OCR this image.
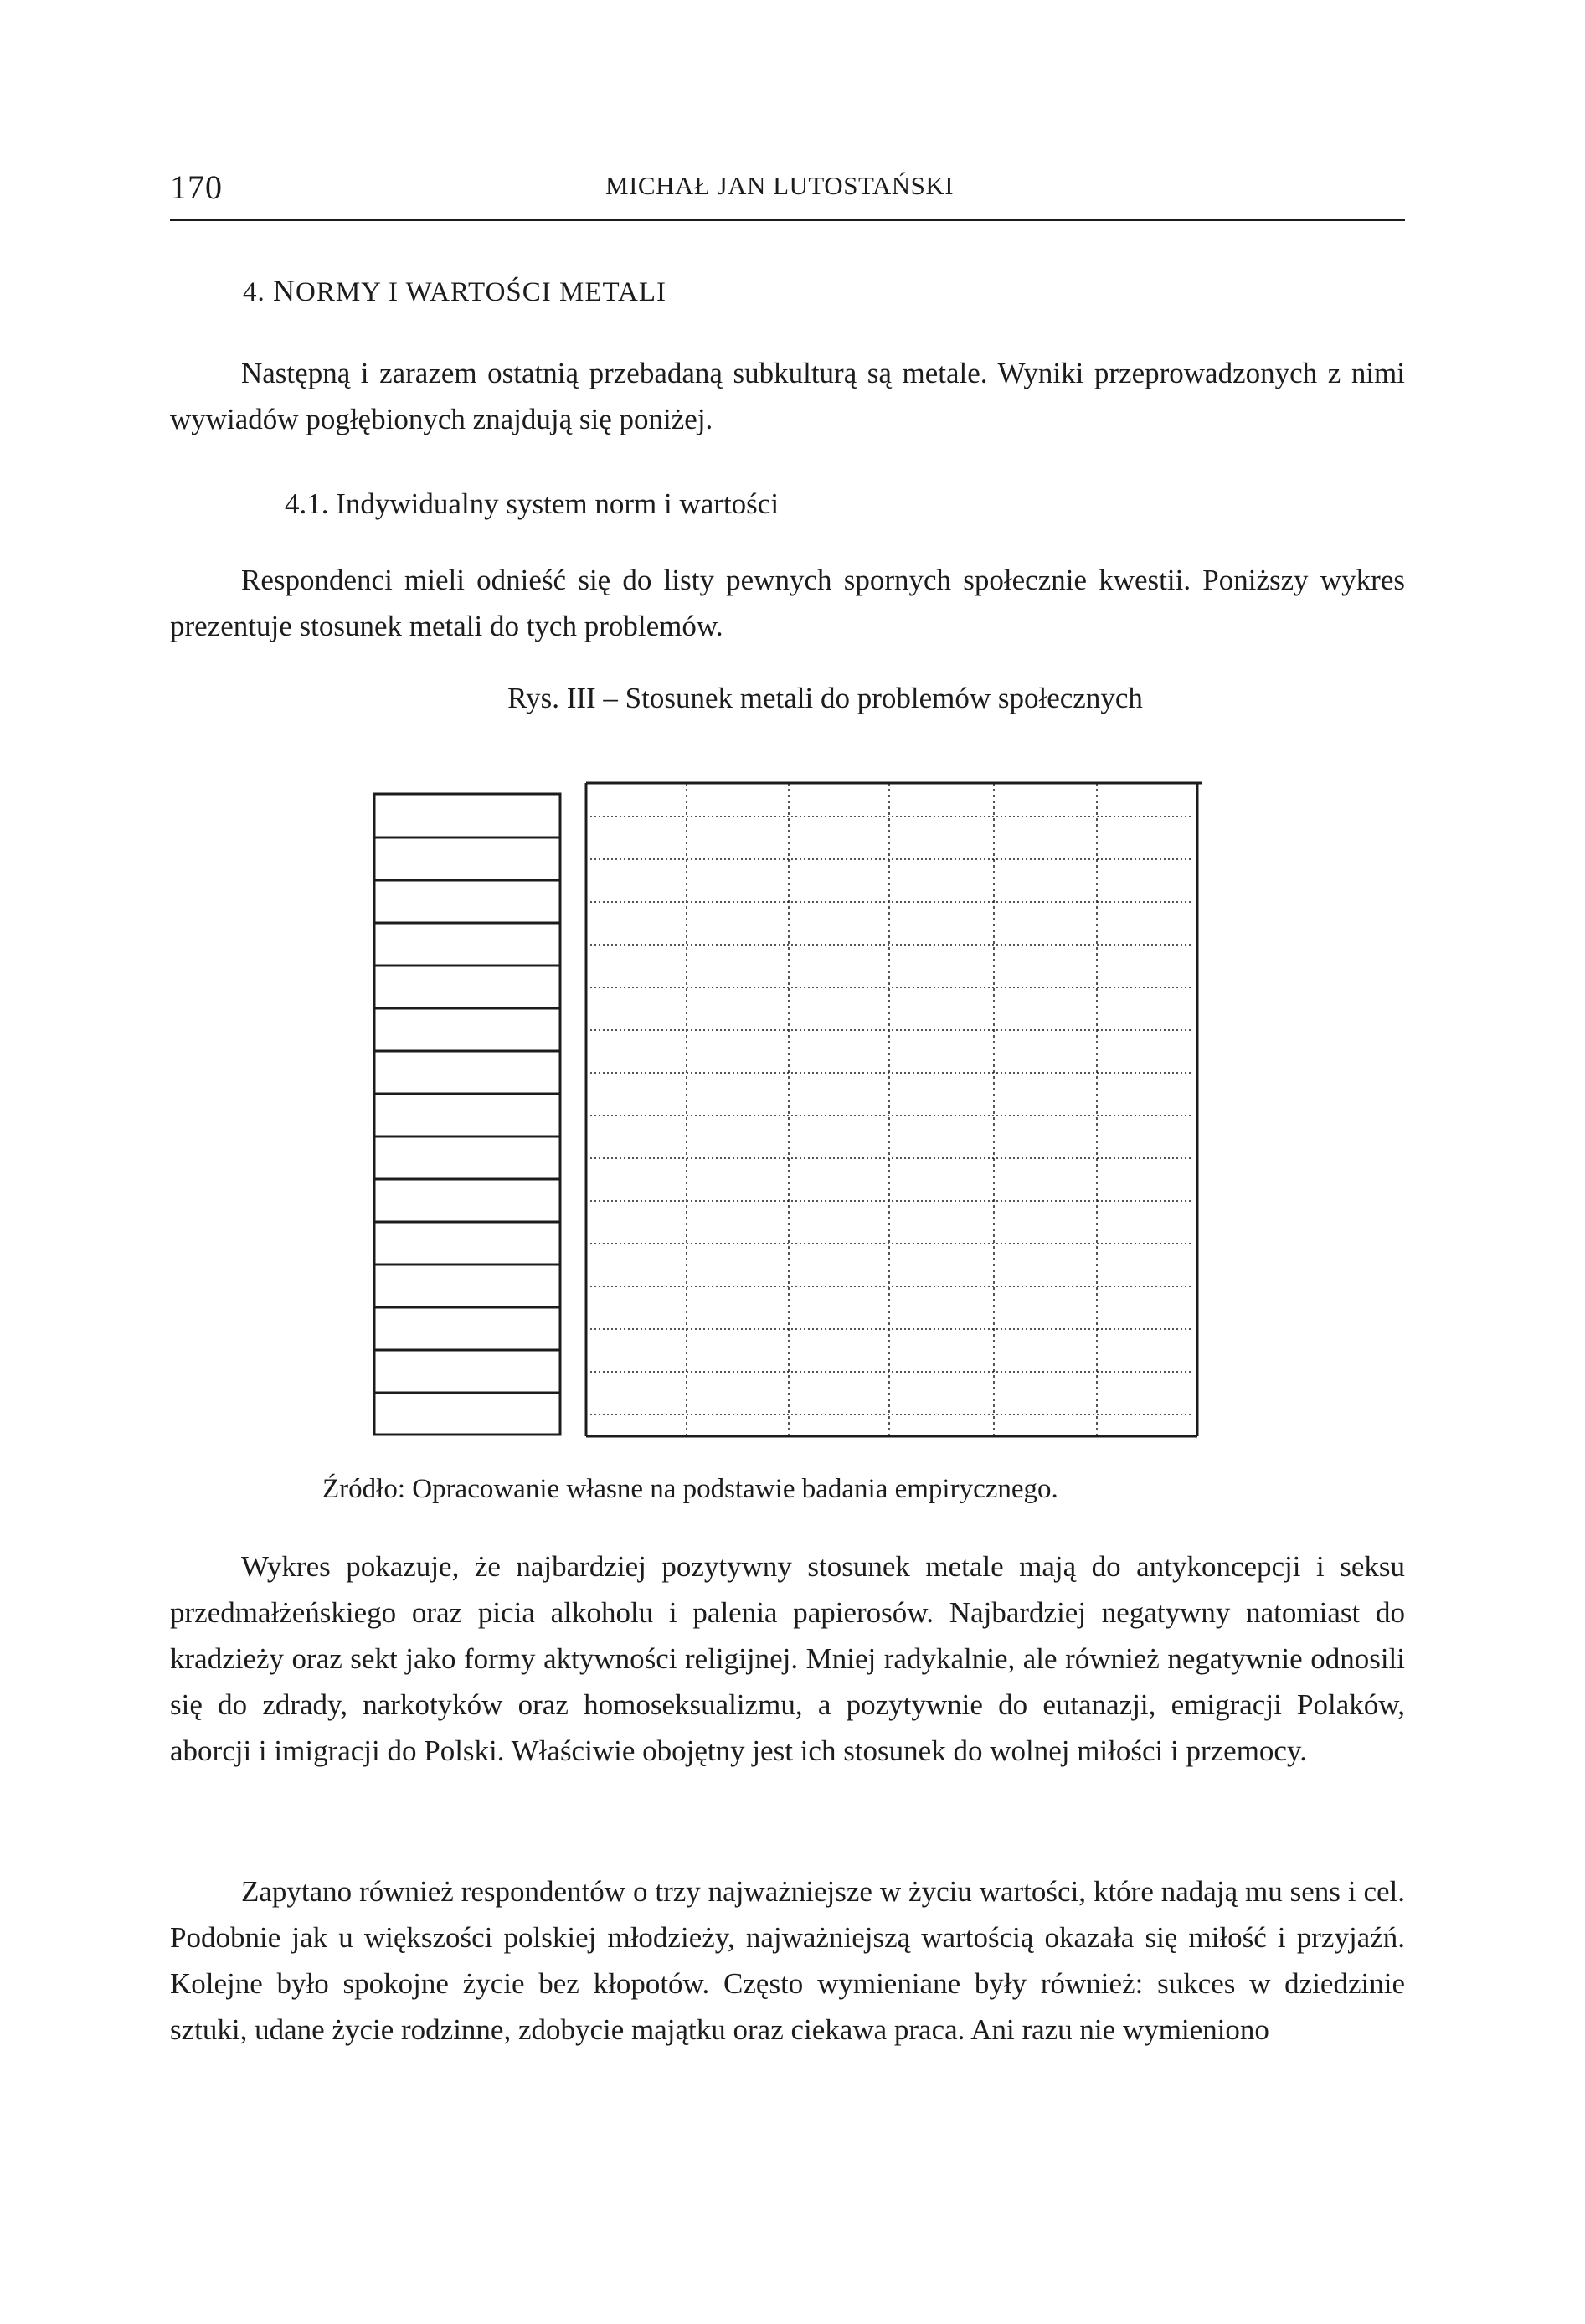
170	MICHAŁ JAN LUTOSTAŃSKI
4. NORMY I WARTOŚCI METALI

Następną i zarazem ostatnią przebadaną subkulturą są metale. Wyniki przeprowadzonych z nimi wywiadów pogłębionych znajdują się poniżej.

4.1. Indywidualny system norm i wartości

Respondenci mieli odnieść się do listy pewnych spornych społecznie kwestii. Poniższy wykres prezentuje stosunek metali do tych problemów.

Rys. III – Stosunek metali do problemów społecznych
Źródło: Opracowanie własne na podstawie badania empirycznego.

Wykres pokazuje, że najbardziej pozytywny stosunek metale mają do antykoncepcji i seksu przedmałżeńskiego oraz picia alkoholu i palenia papierosów. Najbardziej negatywny natomiast do kradzieży oraz sekt jako formy aktywności religijnej. Mniej radykalnie, ale również negatywnie odnosili się do zdrady, narkotyków oraz homoseksualizmu, a pozytywnie do eutanazji, emigracji Polaków, aborcji i imigracji do Polski. Właściwie obojętny jest ich stosunek do wolnej miłości i przemocy.

Zapytano również respondentów o trzy najważniejsze w życiu wartości, które nadają mu sens i cel. Podobnie jak u większości polskiej młodzieży, najważniejszą wartością okazała się miłość i przyjaźń. Kolejne było spokojne życie bez kłopotów. Często wymieniane były również: sukces w dziedzinie sztuki, udane życie rodzinne, zdobycie majątku oraz ciekawa praca. Ani razu nie wymieniono
